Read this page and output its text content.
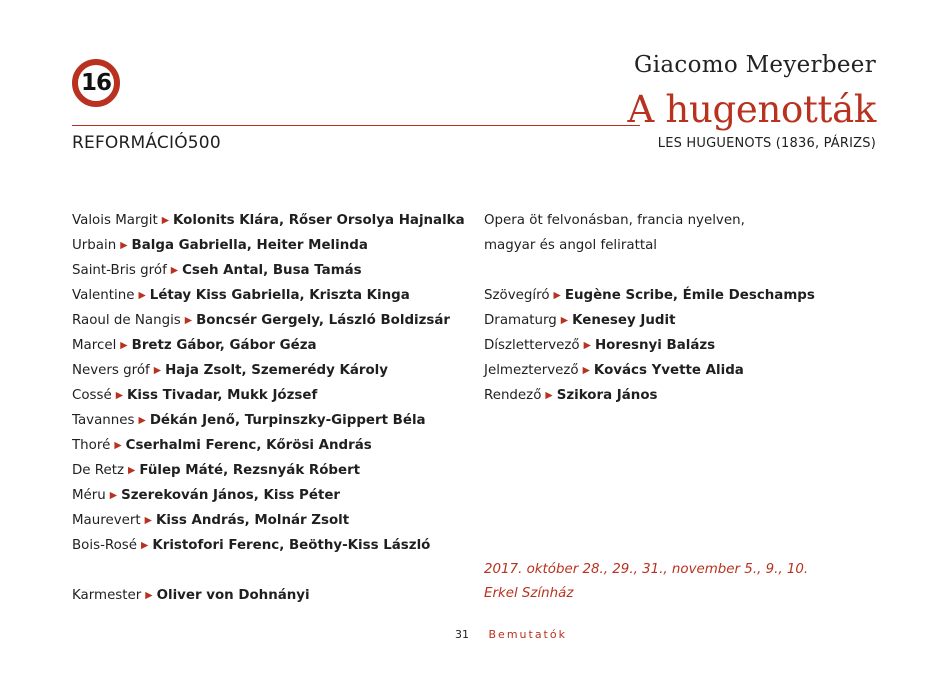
16
Giacomo Meyerbeer
A hugenották
REFORMÁCIÓ500	LES HUGUENOTS (1836, PÁRIZS)
Valois Margit ▶ Kolonits Klára, Rőser Orsolya Hajnalka
Urbain ▶ Balga Gabriella, Heiter Melinda
Saint-Bris gróf ▶ Cseh Antal, Busa Tamás
Valentine ▶ Létay Kiss Gabriella, Kriszta Kinga
Raoul de Nangis ▶ Boncsér Gergely, László Boldizsár
Marcel ▶ Bretz Gábor, Gábor Géza
Nevers gróf ▶ Haja Zsolt, Szemerédy Károly
Cossé ▶ Kiss Tivadar, Mukk József
Tavannes ▶ Dékán Jenő, Turpinszky-Gippert Béla
Thoré ▶ Cserhalmi Ferenc, Kőrösi András
De Retz ▶ Fülep Máté, Rezsnyák Róbert
Méru ▶ Szerekován János, Kiss Péter
Maurevert ▶ Kiss András, Molnár Zsolt
Bois-Rosé ▶ Kristofori Ferenc, Beöthy-Kiss László
Karmester ▶ Oliver von Dohnányi
Opera öt felvonásban, francia nyelven,
magyar és angol felirattal
Szövegíró ▶ Eugène Scribe, Émile Deschamps
Dramaturg ▶ Kenesey Judit
Díszlettervező ▶ Horesnyi Balázs
Jelmeztervező ▶ Kovács Yvette Alida
Rendező ▶ Szikora János
2017. október 28., 29., 31., november 5., 9., 10.
Erkel Színház
31 Bemutatók
